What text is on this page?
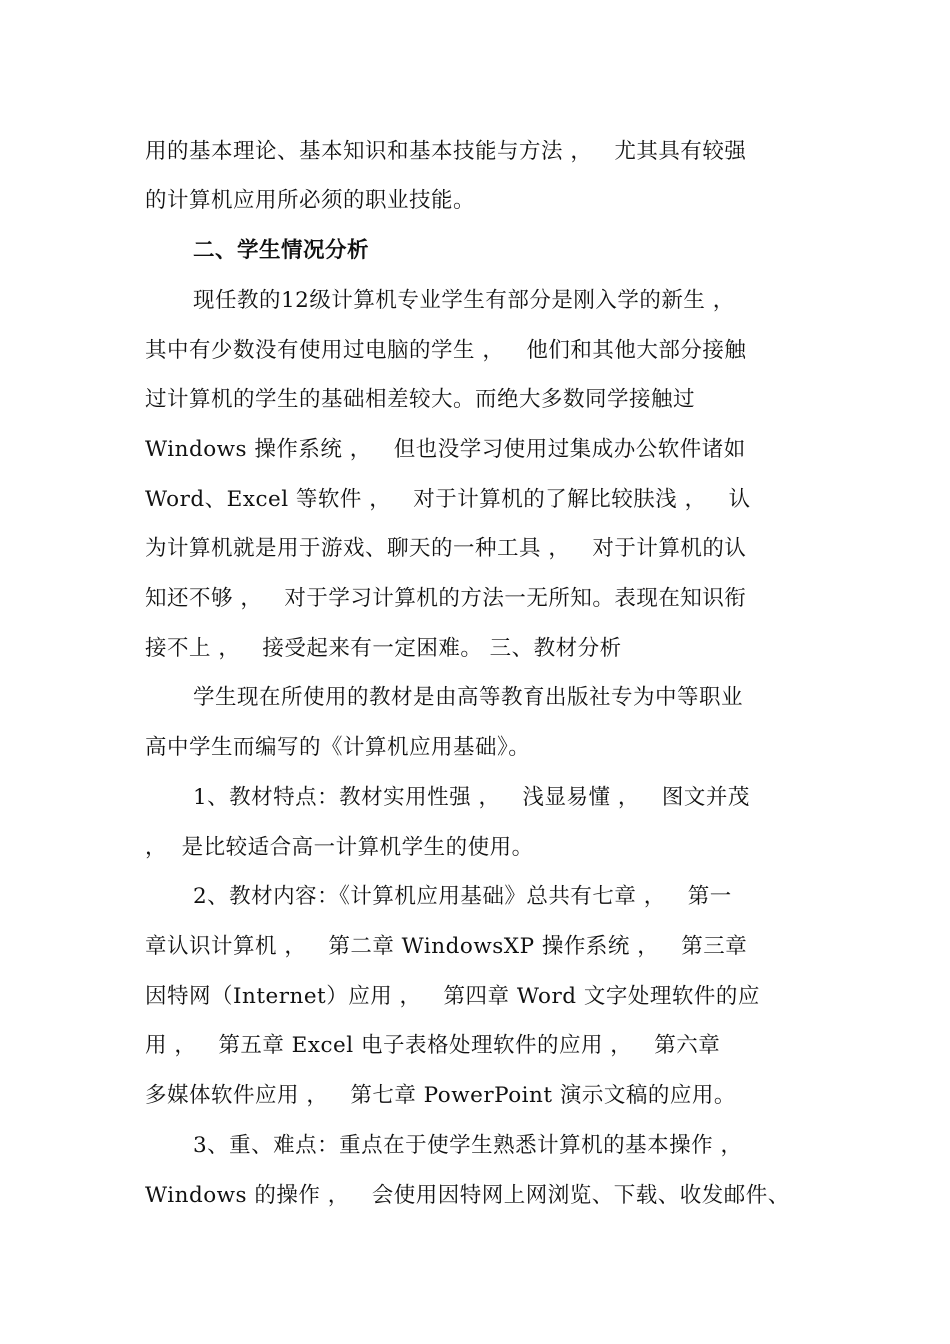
用的基本理论、基本知识和基本技能与方法 ，   尤其具有较强
的计算机应用所必须的职业技能。
二、学生情况分析
现任教的12级计算机专业学生有部分是刚入学的新生 ，
其中有少数没有使用过电脑的学生 ，   他们和其他大部分接触
过计算机的学生的基础相差较大。而绝大多数同学接触过
Windows 操作系统 ，   但也没学习使用过集成办公软件诸如
Word、Excel 等软件 ，   对于计算机的了解比较肤浅 ，   认
为计算机就是用于游戏、聊天的一种工具 ，   对于计算机的认
知还不够 ，   对于学习计算机的方法一无所知。表现在知识衔
接不上 ，   接受起来有一定困难。 三、教材分析
学生现在所使用的教材是由高等教育出版社专为中等职业
高中学生而编写的《计算机应用基础》。
1、教材特点：教材实用性强 ，   浅显易懂 ，   图文并茂
，  是比较适合高一计算机学生的使用。
2、教材内容：《计算机应用基础》总共有七章 ，   第一
章认识计算机 ，   第二章 WindowsXP 操作系统 ，   第三章
因特网（Internet）应用 ，   第四章 Word 文字处理软件的应
用 ，   第五章 Excel 电子表格处理软件的应用 ，   第六章
多媒体软件应用 ，   第七章 PowerPoint 演示文稿的应用。
3、重、难点：重点在于使学生熟悉计算机的基本操作 ，
Windows 的操作 ，   会使用因特网上网浏览、下载、收发邮件、
